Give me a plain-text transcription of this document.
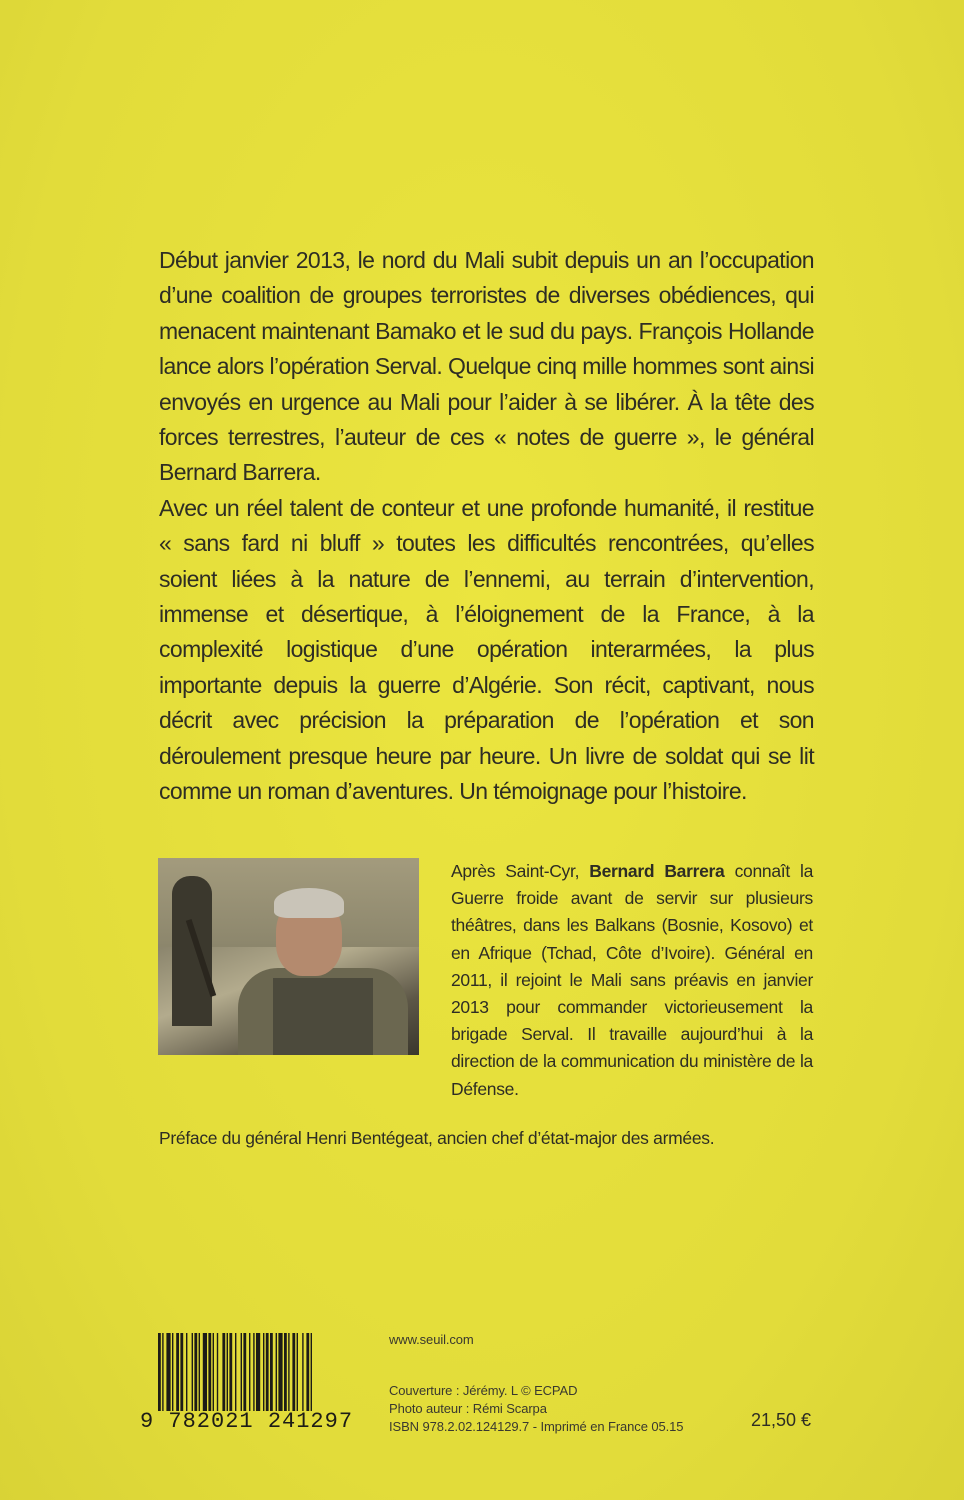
Début janvier 2013, le nord du Mali subit depuis un an l’occupation d’une coalition de groupes terroristes de diverses obédiences, qui menacent maintenant Bamako et le sud du pays. François Hollande lance alors l’opération Serval. Quelque cinq mille hommes sont ainsi envoyés en urgence au Mali pour l’aider à se libérer. À la tête des forces terrestres, l’auteur de ces « notes de guerre », le général Bernard Barrera.

Avec un réel talent de conteur et une profonde humanité, il restitue « sans fard ni bluff » toutes les difficultés rencontrées, qu’elles soient liées à la nature de l’ennemi, au terrain d’intervention, immense et désertique, à l’éloignement de la France, à la complexité logistique d’une opération interarmées, la plus importante depuis la guerre d’Algérie. Son récit, captivant, nous décrit avec précision la préparation de l’opération et son déroulement presque heure par heure. Un livre de soldat qui se lit comme un roman d’aventures. Un témoignage pour l’histoire.

Après Saint-Cyr, Bernard Barrera connaît la Guerre froide avant de servir sur plusieurs théâtres, dans les Balkans (Bosnie, Kosovo) et en Afrique (Tchad, Côte d’Ivoire). Général en 2011, il rejoint le Mali sans préavis en janvier 2013 pour commander victorieusement la brigade Serval. Il travaille aujourd’hui à la direction de la communication du ministère de la Défense.
Préface du général Henri Bentégeat, ancien chef d’état-major des armées.
9 782021 241297
www.seuil.com
Couverture : Jérémy. L © ECPAD
Photo auteur : Rémi Scarpa
ISBN 978.2.02.124129.7 - Imprimé en France 05.15	21,50 €
